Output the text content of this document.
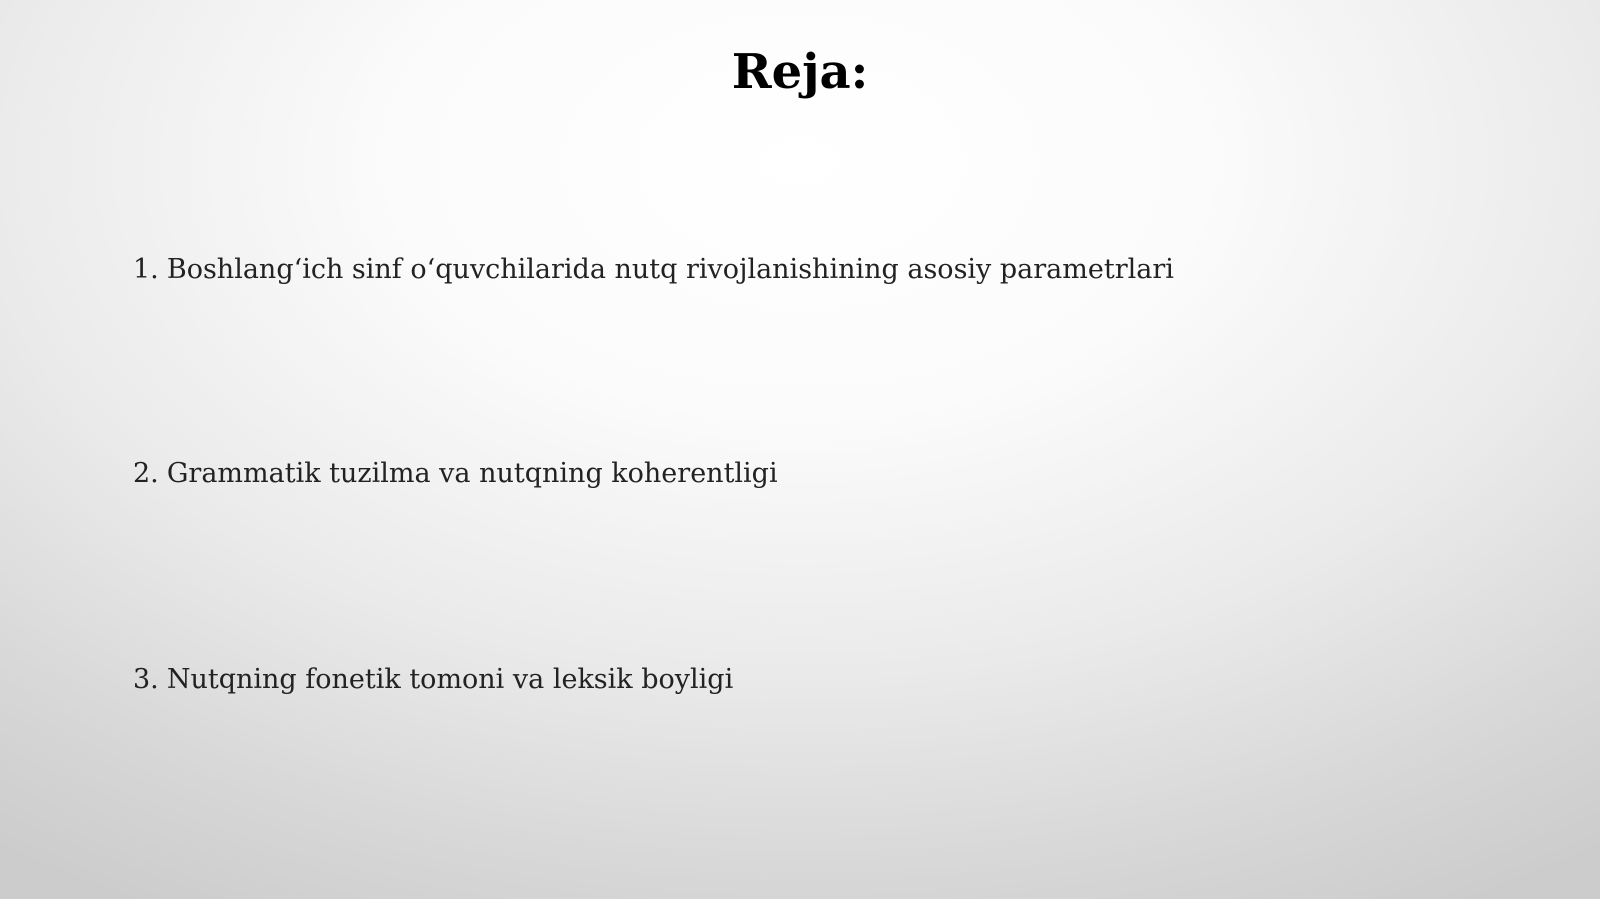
Reja:
1. Boshlang‘ich sinf o‘quvchilarida nutq rivojlanishining asosiy parametrlari
2. Grammatik tuzilma va nutqning koherentligi
3. Nutqning fonetik tomoni va leksik boyligi
